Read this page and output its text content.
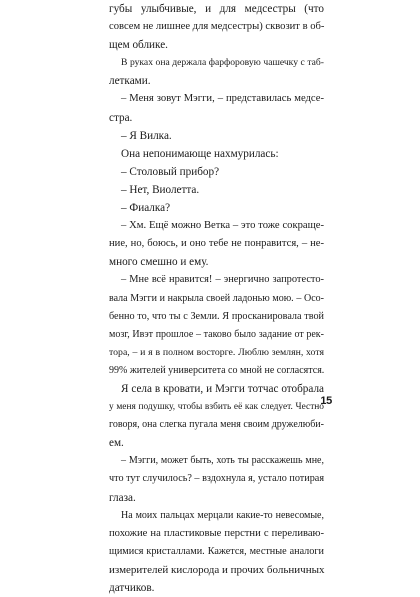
губы улыбчивые, и для медсестры (что
совсем не лишнее для медсестры) сквозит в об-
щем облике.
В руках она держала фарфоровую чашечку с таб-
летками.
– Меня зовут Мэгги, – представилась медсе-
стра.
– Я Вилка.
Она непонимающе нахмурилась:
– Столовый прибор?
– Нет, Виолетта.
– Фиалка?
– Хм. Ещё можно Ветка – это тоже сокраще-
ние, но, боюсь, и оно тебе не понравится, – не-
много смешно и ему.
– Мне всё нравится! – энергично запротесто-
вала Мэгги и накрыла своей ладонью мою. – Осо-
бенно то, что ты с Земли. Я просканировала твой
мозг, Ивэт прошлое – таково было задание от рек-
тора, – и я в полном восторге. Люблю землян, хотя
99% жителей университета со мной не согласятся.
Я села в кровати, и Мэгги тотчас отобрала
у меня подушку, чтобы взбить её как следует. Честно
говоря, она слегка пугала меня своим дружелюби-
ем.
– Мэгги, может быть, хоть ты расскажешь мне,
что тут случилось? – вздохнула я, устало потирая
глаза.
На моих пальцах мерцали какие-то невесомые,
похожие на пластиковые перстни с переливаю-
щимися кристаллами. Кажется, местные аналоги
измерителей кислорода и прочих больничных
датчиков.
15
